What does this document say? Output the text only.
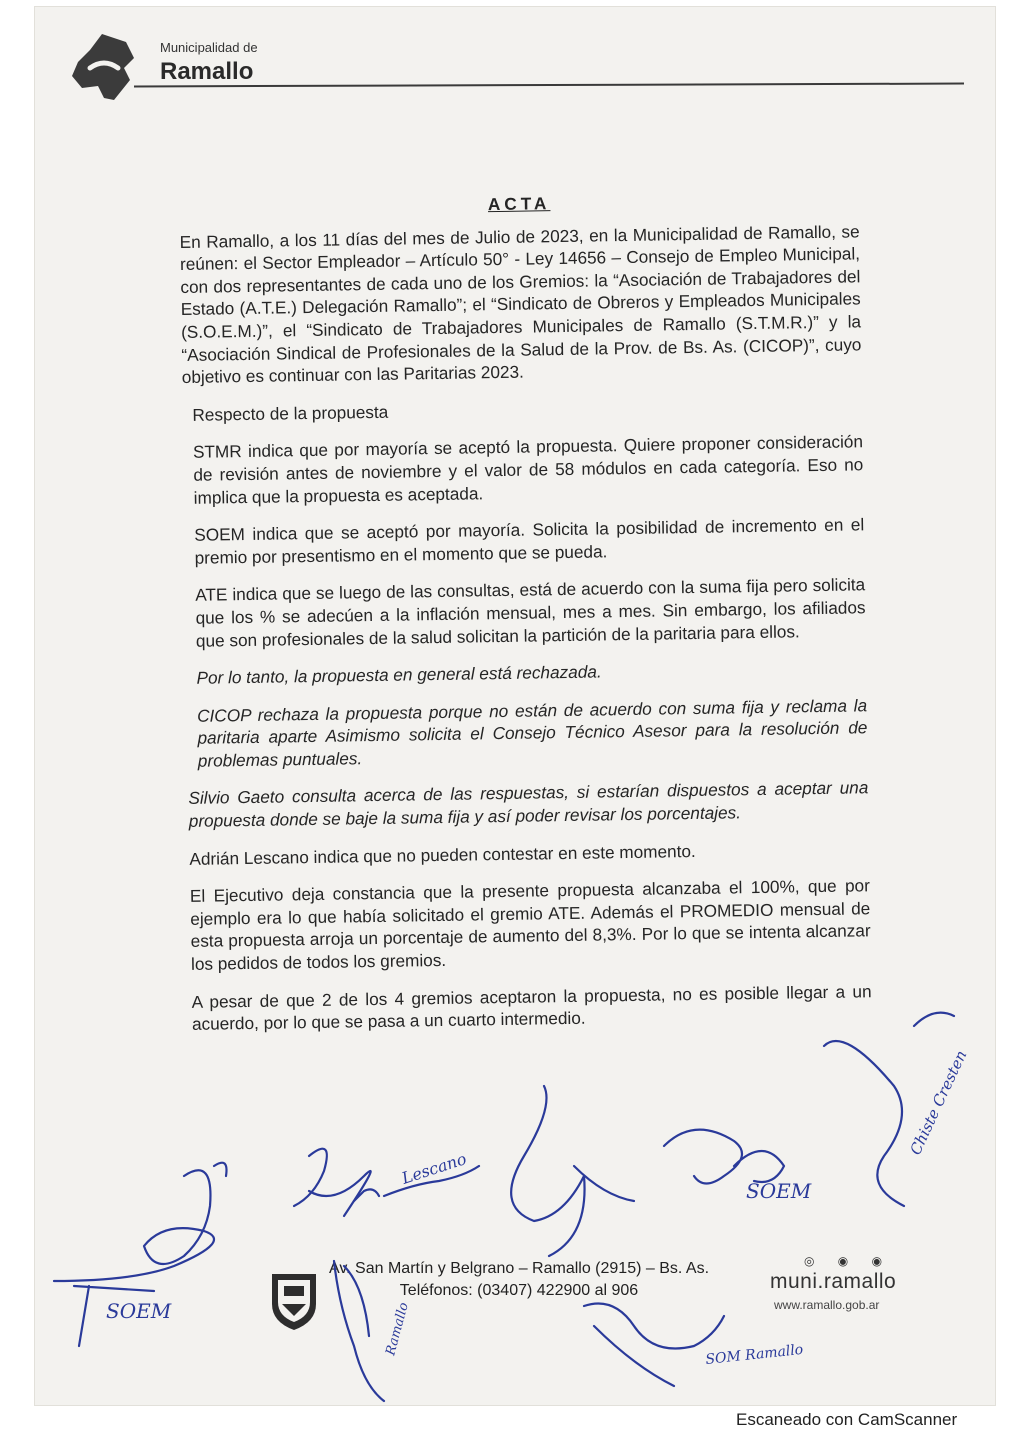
Municipalidad de
Ramallo
ACTA

En Ramallo, a los 11 días del mes de Julio de 2023, en la Municipalidad de Ramallo, se reúnen: el Sector Empleador – Artículo 50° - Ley 14656 – Consejo de Empleo Municipal, con dos representantes de cada uno de los Gremios: la “Asociación de Trabajadores del Estado (A.T.E.) Delegación Ramallo”; el “Sindicato de Obreros y Empleados Municipales (S.O.E.M.)”, el “Sindicato de Trabajadores Municipales de Ramallo (S.T.M.R.)” y la “Asociación Sindical de Profesionales de la Salud de la Prov. de Bs. As. (CICOP)”, cuyo objetivo es continuar con las Paritarias 2023.

Respecto de la propuesta

STMR indica que por mayoría se aceptó la propuesta. Quiere proponer consideración de revisión antes de noviembre y el valor de 58 módulos en cada categoría. Eso no implica que la propuesta es aceptada.

SOEM indica que se aceptó por mayoría. Solicita la posibilidad de incremento en el premio por presentismo en el momento que se pueda.

ATE indica que se luego de las consultas, está de acuerdo con la suma fija pero solicita que los % se adecúen a la inflación mensual, mes a mes. Sin embargo, los afiliados que son profesionales de la salud solicitan la partición de la paritaria para ellos.

Por lo tanto, la propuesta en general está rechazada.

CICOP rechaza la propuesta porque no están de acuerdo con suma fija y reclama la paritaria aparte Asimismo solicita el Consejo Técnico Asesor para la resolución de problemas puntuales.

Silvio Gaeto consulta acerca de las respuestas, si estarían dispuestos a aceptar una propuesta donde se baje la suma fija y así poder revisar los porcentajes.

Adrián Lescano indica que no pueden contestar en este momento.

El Ejecutivo deja constancia que la presente propuesta alcanzaba el 100%, que por ejemplo era lo que había solicitado el gremio ATE. Además el PROMEDIO mensual de esta propuesta arroja un porcentaje de aumento del 8,3%. Por lo que se intenta alcanzar los pedidos de todos los gremios.

A pesar de que 2 de los 4 gremios aceptaron la propuesta, no es posible llegar a un acuerdo, por lo que se pasa a un cuarto intermedio.

Av. San Martín y Belgrano – Ramallo (2915) – Bs. As.
Teléfonos: (03407) 422900 al 906
◎ ◉ ◉
muni.ramallo
www.ramallo.gob.ar
SOEM
Lescano
SOEM
Chiste Cresten
Ramallo	SOM Ramallo
Escaneado con CamScanner
